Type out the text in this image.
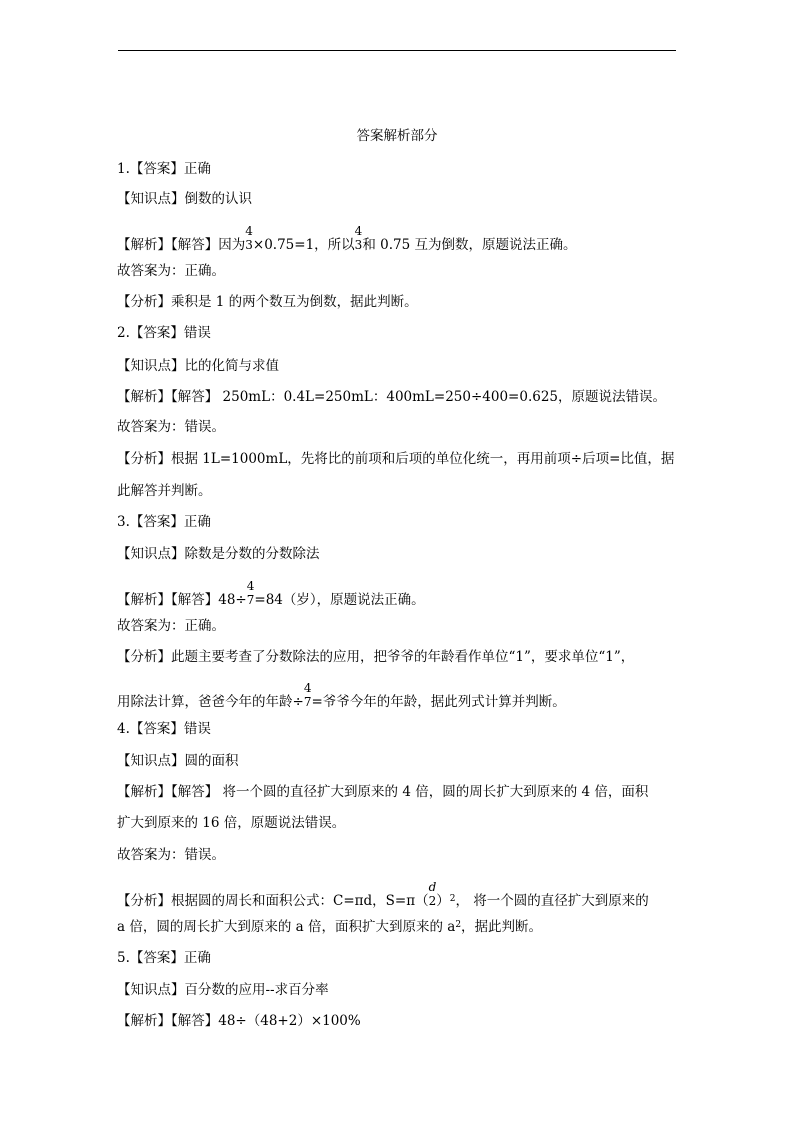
答案解析部分
1.【答案】正确
【知识点】倒数的认识
【解析】【解答】因为
4
3×0.75=1，所以
4
3和 0.75 互为倒数，原题说法正确。
故答案为：正确。
【分析】乘积是 1 的两个数互为倒数，据此判断。
2.【答案】错误
【知识点】比的化简与求值
【解析】【解答】 250mL：0.4L=250mL：400mL=250÷400=0.625，原题说法错误。
故答案为：错误。
【分析】根据 1L=1000mL，先将比的前项和后项的单位化统一，再用前项÷后项=比值，据
此解答并判断。
3.【答案】正确
【知识点】除数是分数的分数除法
【解析】【解答】48÷
4
7=84（岁），原题说法正确。
故答案为：正确。
【分析】此题主要考查了分数除法的应用，把爷爷的年龄看作单位“1”，要求单位“1”，
用除法计算，爸爸今年的年龄÷
4
7=爷爷今年的年龄，据此列式计算并判断。
4.【答案】错误
【知识点】圆的面积
【解析】【解答】 将一个圆的直径扩大到原来的 4 倍，圆的周长扩大到原来的 4 倍，面积
扩大到原来的 16 倍，原题说法错误。
故答案为：错误。
【分析】根据圆的周长和面积公式：C=πd，S=π（
d
2）$^2$， 将一个圆的直径扩大到原来的
a 倍，圆的周长扩大到原来的 a 倍，面积扩大到原来的 $a^2$，据此判断。
5.【答案】正确
【知识点】百分数的应用--求百分率
【解析】【解答】48÷（48+2）×100%
